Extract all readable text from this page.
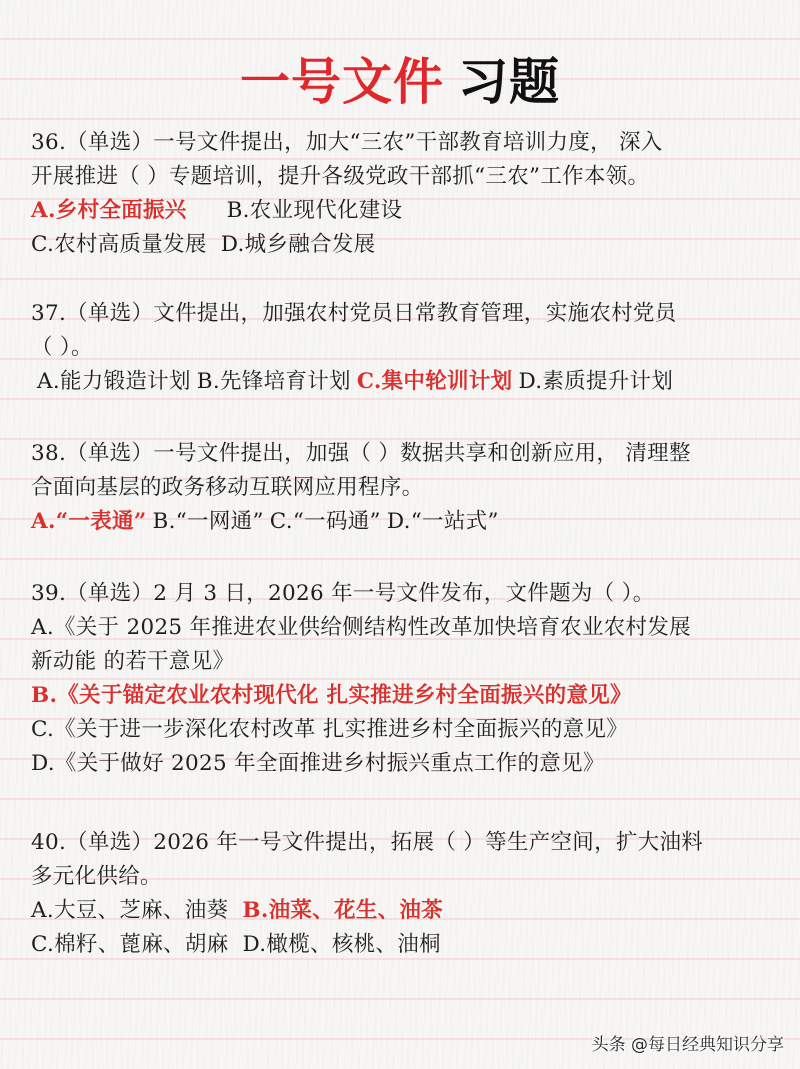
一号文件 习题
36.（单选）一号文件提出，加大“三农”干部教育培训力度， 深入
开展推进（ ）专题培训，提升各级党政干部抓“三农”工作本领。
A.乡村全面振兴 B.农业现代化建设
C.农村高质量发展 D.城乡融合发展
37.（单选）文件提出，加强农村党员日常教育管理，实施农村党员
（ ）。
A.能力锻造计划 B.先锋培育计划 C.集中轮训计划 D.素质提升计划
38.（单选）一号文件提出，加强（ ）数据共享和创新应用， 清理整
合面向基层的政务移动互联网应用程序。
A.“一表通” B.“一网通” C.“一码通” D.“一站式”
39.（单选）2 月 3 日，2026 年一号文件发布，文件题为（ ）。
A.《关于 2025 年推进农业供给侧结构性改革加快培育农业农村发展
新动能 的若干意见》
B.《关于锚定农业农村现代化 扎实推进乡村全面振兴的意见》
C.《关于进一步深化农村改革 扎实推进乡村全面振兴的意见》
D.《关于做好 2025 年全面推进乡村振兴重点工作的意见》
40.（单选）2026 年一号文件提出，拓展（ ）等生产空间，扩大油料
多元化供给。
A.大豆、芝麻、油葵 B.油菜、花生、油茶
C.棉籽、蓖麻、胡麻 D.橄榄、核桃、油桐
头条 @每日经典知识分享
